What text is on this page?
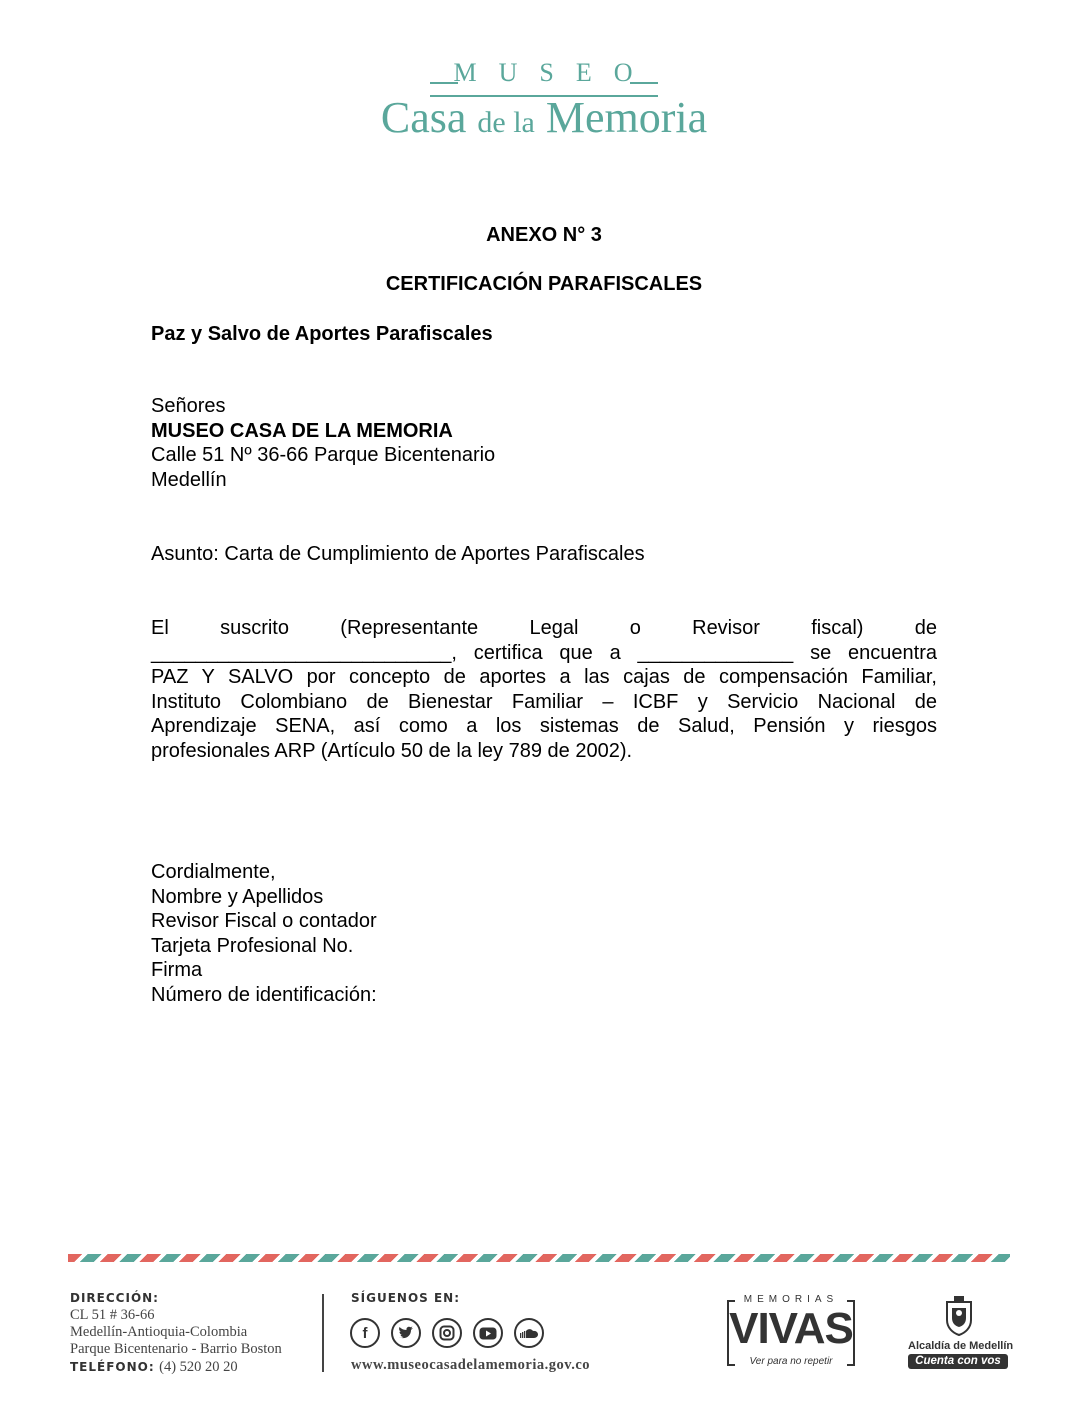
MUSEO
Casa de la Memoria
ANEXO N° 3
CERTIFICACIÓN PARAFISCALES
Paz y Salvo de Aportes Parafiscales
Señores
MUSEO CASA DE LA MEMORIA
Calle 51 Nº 36-66 Parque Bicentenario
Medellín
Asunto: Carta de Cumplimiento de Aportes Parafiscales
El suscrito (Representante Legal o Revisor fiscal) de
___________________________, certifica que a ______________ se encuentra
PAZ Y SALVO por concepto de aportes a las cajas de compensación Familiar,
Instituto Colombiano de Bienestar Familiar – ICBF y Servicio Nacional de
Aprendizaje SENA, así como a los sistemas de Salud, Pensión y riesgos
profesionales ARP (Artículo 50 de la ley 789 de 2002).
Cordialmente,
Nombre y Apellidos
Revisor Fiscal o contador
Tarjeta Profesional No.
Firma
Número de identificación:
DIRECCIÓN:
CL 51 # 36-66
Medellín-Antioquia-Colombia
Parque Bicentenario - Barrio Boston
TELÉFONO: (4) 520 20 20
SÍGUENOS EN:
f
www.museocasadelamemoria.gov.co
MEMORIAS
VIVAS
Ver para no repetir
Alcaldía de Medellín
Cuenta con vos
